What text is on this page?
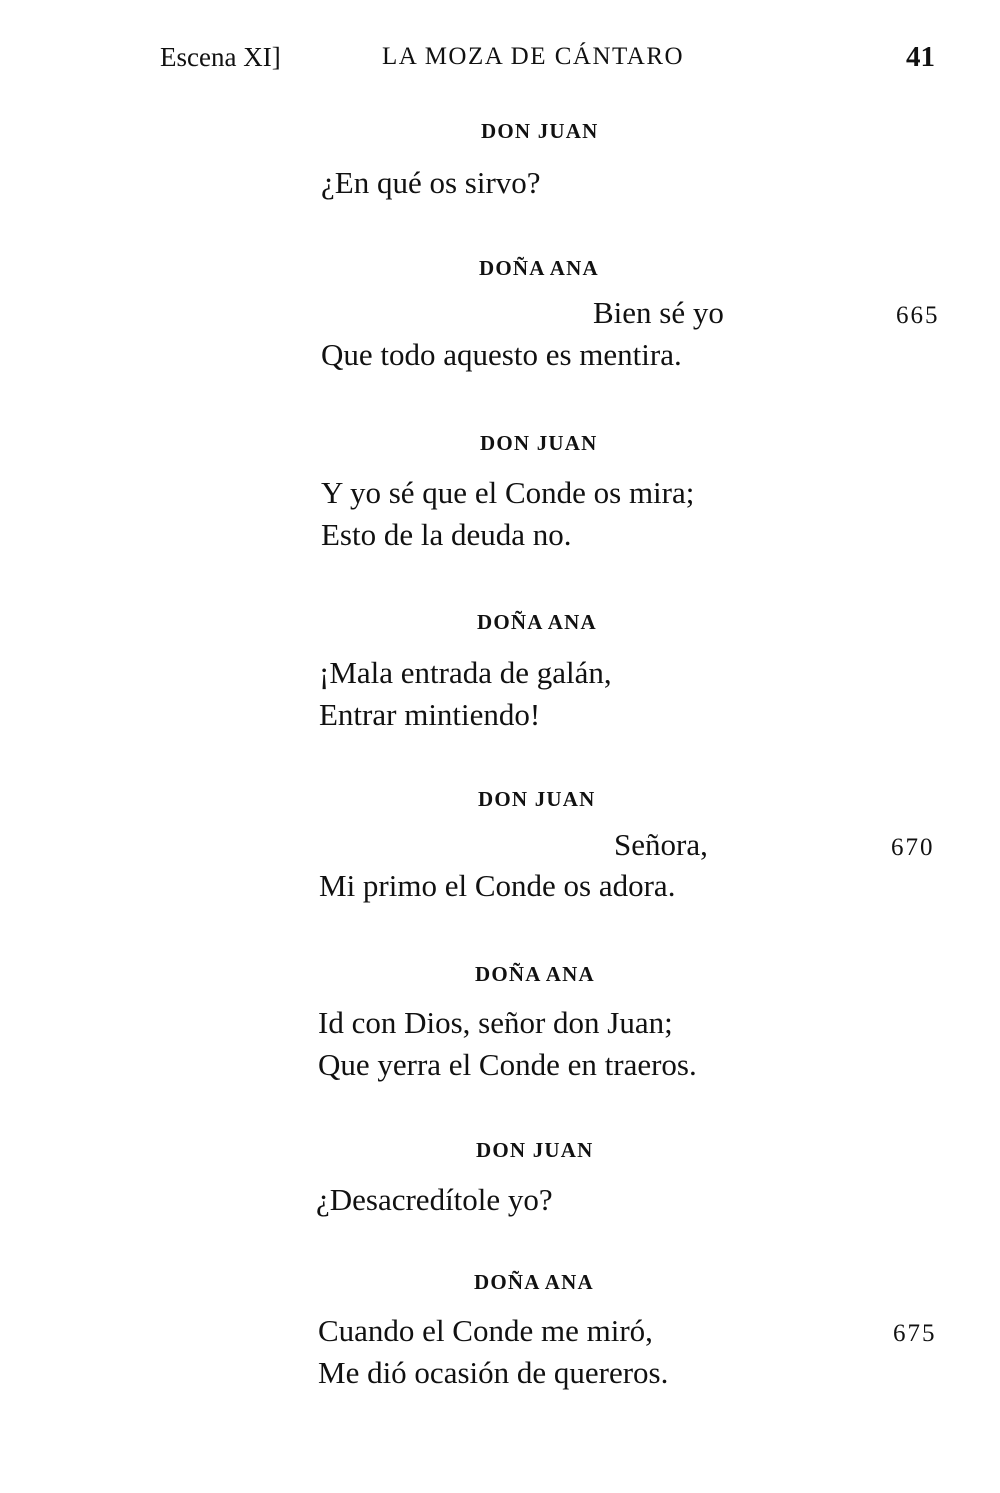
Escena XI]	LA MOZA DE CÁNTARO	41
DON JUAN
¿En qué os sirvo?
DOÑA ANA
Bien sé yo	665
Que todo aquesto es mentira.
DON JUAN
Y yo sé que el Conde os mira;
Esto de la deuda no.
DOÑA ANA
¡Mala entrada de galán,
Entrar mintiendo!
DON JUAN
Señora,	670
Mi primo el Conde os adora.
DOÑA ANA
Id con Dios, señor don Juan;
Que yerra el Conde en traeros.
DON JUAN
¿Desacredítole yo?
DOÑA ANA
Cuando el Conde me miró,	675
Me dió ocasión de quereros.
